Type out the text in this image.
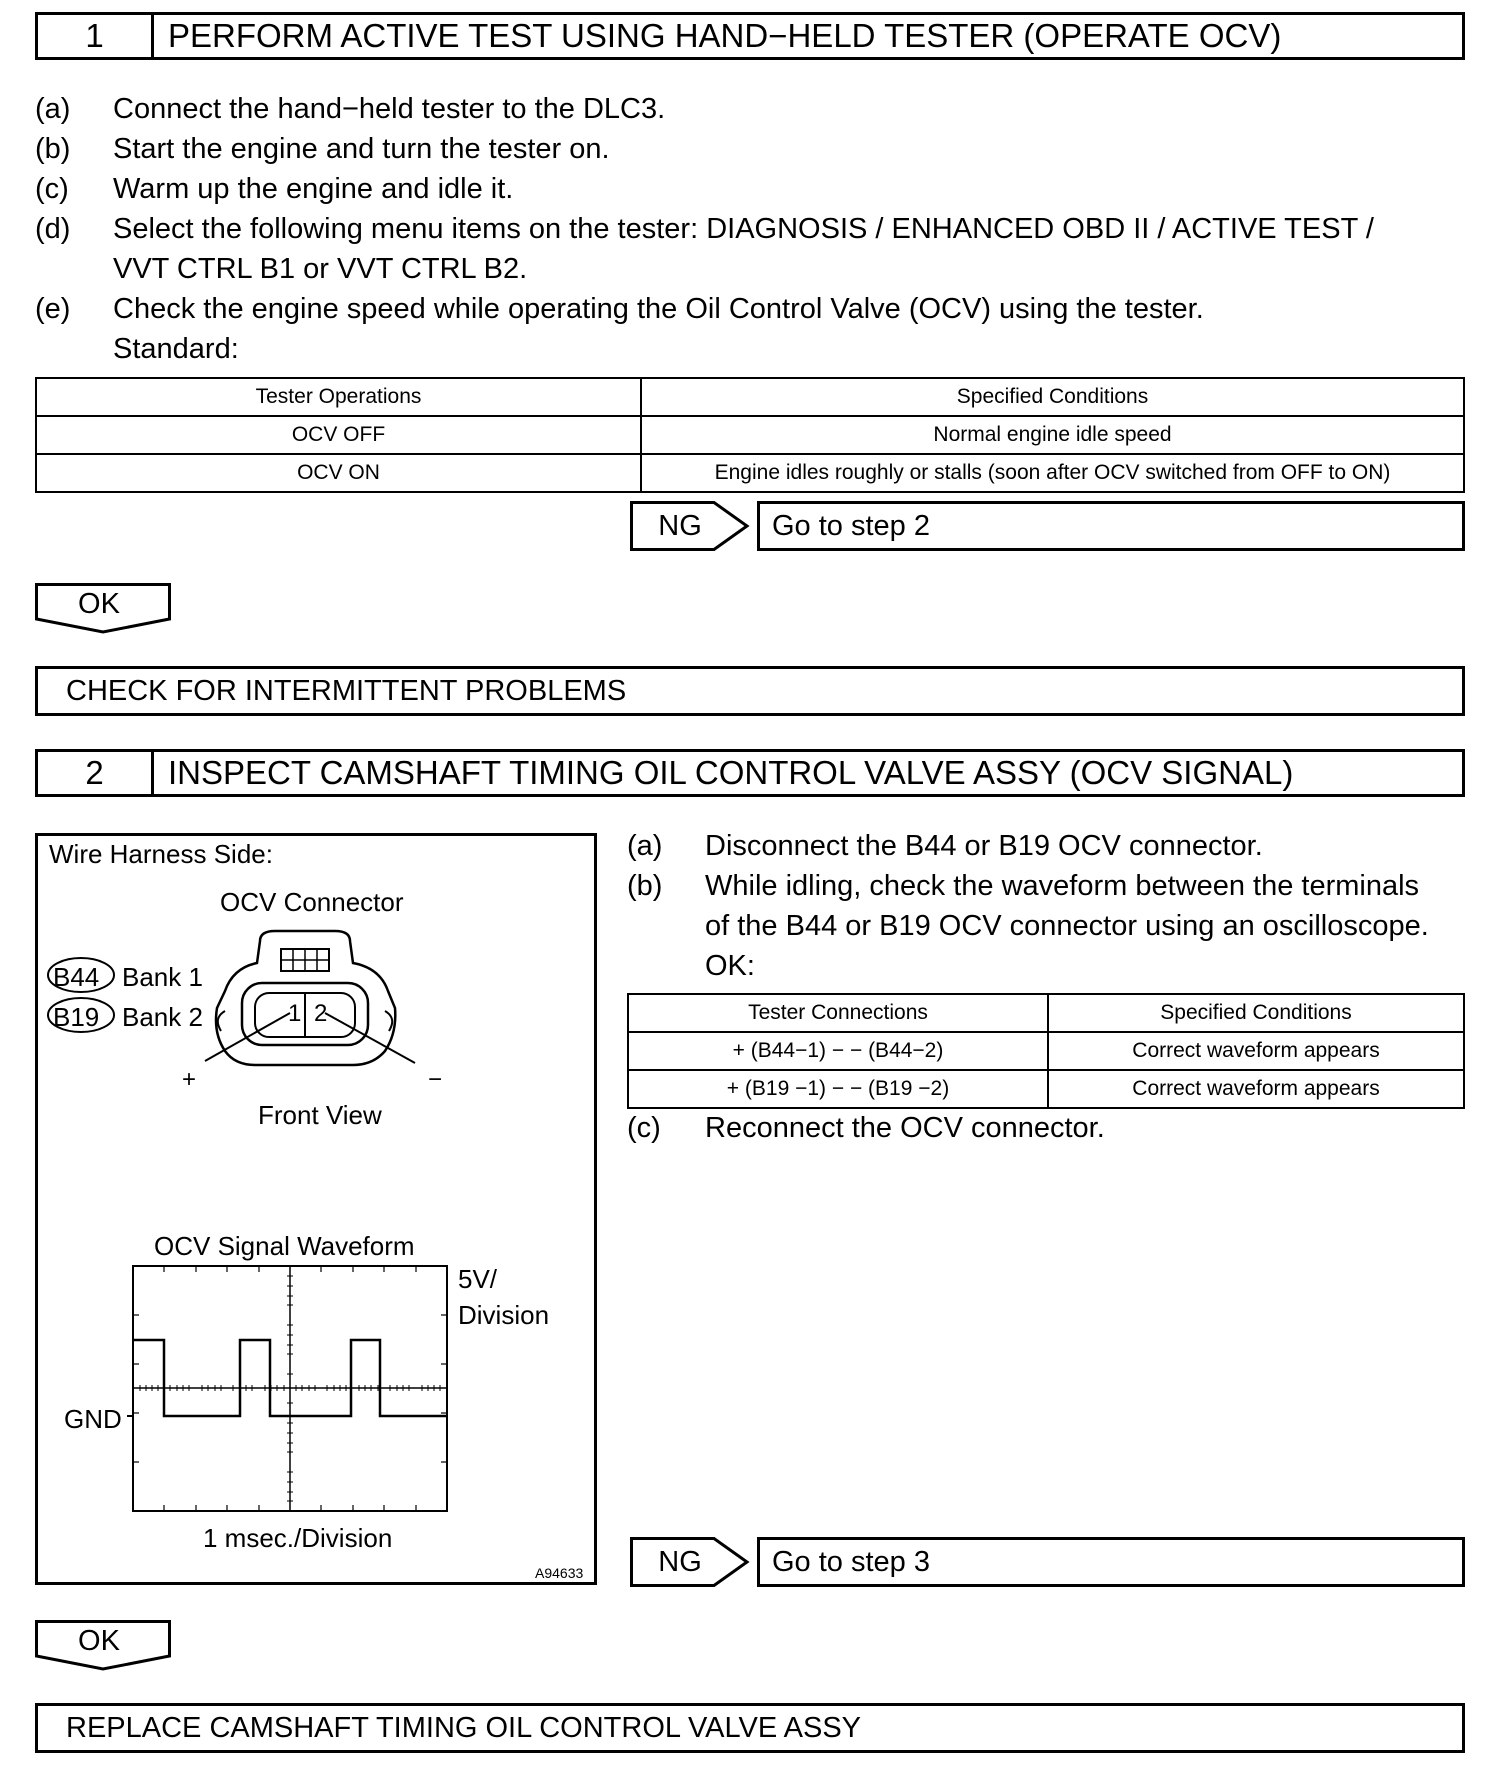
1	PERFORM ACTIVE TEST USING HAND−HELD TESTER (OPERATE OCV)
(a) Connect the hand−held tester to the DLC3.
(b) Start the engine and turn the tester on.
(c) Warm up the engine and idle it.
(d) Select the following menu items on the tester: DIAGNOSIS / ENHANCED OBD II / ACTIVE TEST /
VVT CTRL B1 or VVT CTRL B2.
(e) Check the engine speed while operating the Oil Control Valve (OCV) using the tester.
Standard:
Tester Operations	Specified Conditions
OCV OFF	Normal engine idle speed
OCV ON	Engine idles roughly or stalls (soon after OCV switched from OFF to ON)
NG	Go to step 2
OK
CHECK FOR INTERMITTENT PROBLEMS
2	INSPECT CAMSHAFT TIMING OIL CONTROL VALVE ASSY (OCV SIGNAL)
Wire Harness Side:
OCV Connector
B44 Bank 1
B19 Bank 2	1 2
+	−
Front View
OCV Signal Waveform
5V/
Division
GND
1 msec./Division
A94633
(a) Disconnect the B44 or B19 OCV connector.
(b) While idling, check the waveform between the terminals
of the B44 or B19 OCV connector using an oscilloscope.
OK:
Tester Connections	Specified Conditions
+ (B44−1) − − (B44−2)	Correct waveform appears
+ (B19 −1) − − (B19 −2)	Correct waveform appears
(c) Reconnect the OCV connector.
NG	Go to step 3
OK
REPLACE CAMSHAFT TIMING OIL CONTROL VALVE ASSY
